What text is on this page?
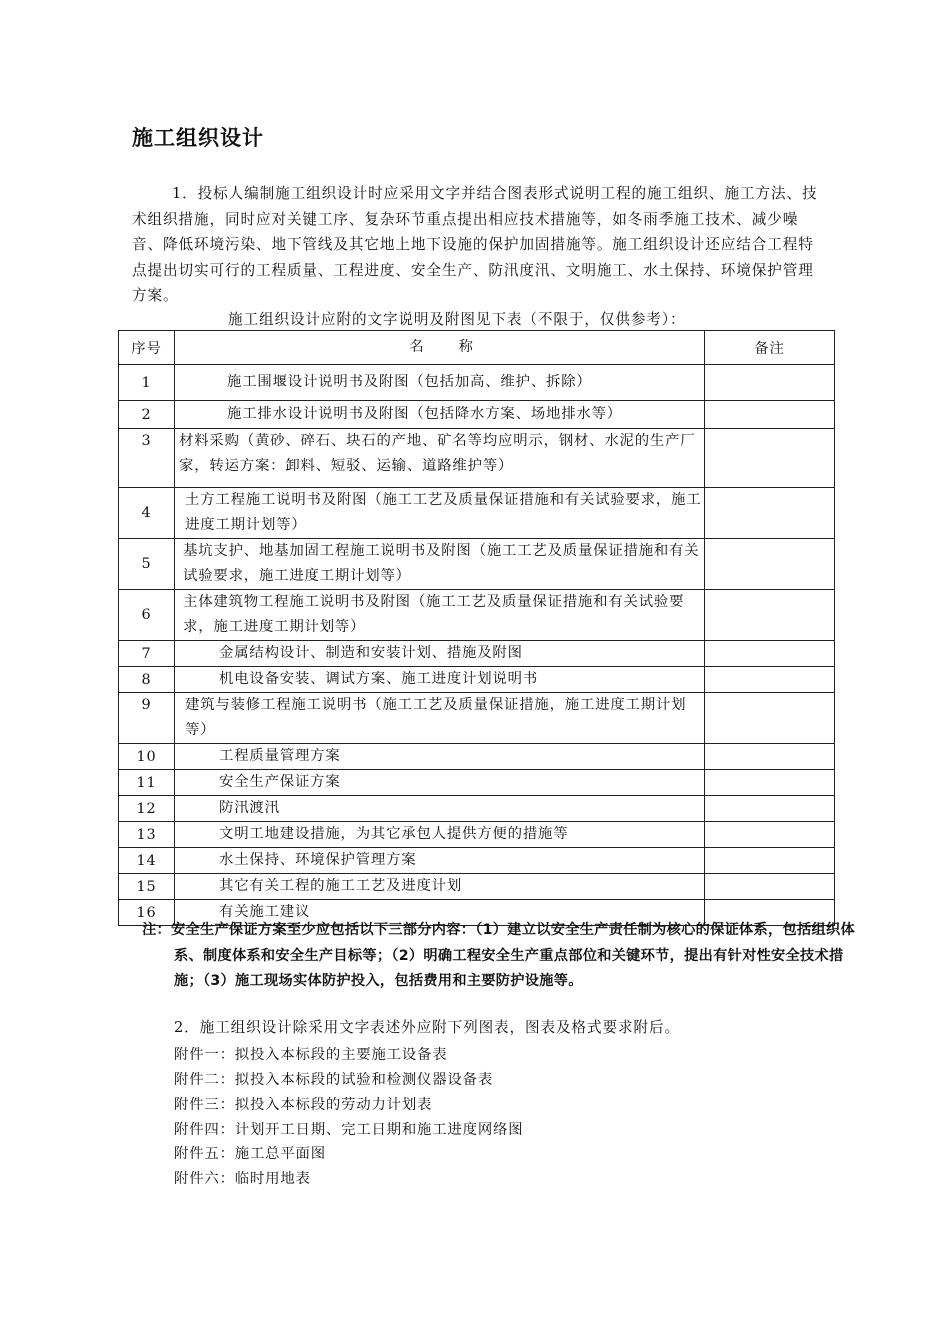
施工组织设计
1．投标人编制施工组织设计时应采用文字并结合图表形式说明工程的施工组织、施工方法、技术组织措施，同时应对关键工序、复杂环节重点提出相应技术措施等，如冬雨季施工技术、减少噪音、降低环境污染、地下管线及其它地上地下设施的保护加固措施等。施工组织设计还应结合工程特点提出切实可行的工程质量、工程进度、安全生产、防汛度汛、文明施工、水土保持、环境保护管理方案。
施工组织设计应附的文字说明及附图见下表（不限于，仅供参考）：
序号	名 称	备注
1	施工围堰设计说明书及附图（包括加高、维护、拆除）	
2	施工排水设计说明书及附图（包括降水方案、场地排水等）	
3	材料采购（黄砂、碎石、块石的产地、矿名等均应明示，钢材、水泥的生产厂家，转运方案：卸料、短驳、运输、道路维护等）	
4	土方工程施工说明书及附图（施工工艺及质量保证措施和有关试验要求，施工进度工期计划等）	
5	基坑支护、地基加固工程施工说明书及附图（施工工艺及质量保证措施和有关试验要求，施工进度工期计划等）	
6	主体建筑物工程施工说明书及附图（施工工艺及质量保证措施和有关试验要求，施工进度工期计划等）	
7	金属结构设计、制造和安装计划、措施及附图	
8	机电设备安装、调试方案、施工进度计划说明书	
9	建筑与装修工程施工说明书（施工工艺及质量保证措施，施工进度工期计划等）	
10	工程质量管理方案	
11	安全生产保证方案	
12	防汛渡汛	
13	文明工地建设措施，为其它承包人提供方便的措施等	
14	水土保持、环境保护管理方案	
15	其它有关工程的施工工艺及进度计划	
16	有关施工建议	
注：安全生产保证方案至少应包括以下三部分内容：（1）建立以安全生产责任制为核心的保证体系，包括组织体系、制度体系和安全生产目标等；（2）明确工程安全生产重点部位和关键环节，提出有针对性安全技术措施；（3）施工现场实体防护投入，包括费用和主要防护设施等。
2．施工组织设计除采用文字表述外应附下列图表，图表及格式要求附后。
附件一：拟投入本标段的主要施工设备表
附件二：拟投入本标段的试验和检测仪器设备表
附件三：拟投入本标段的劳动力计划表
附件四：计划开工日期、完工日期和施工进度网络图
附件五：施工总平面图
附件六：临时用地表
